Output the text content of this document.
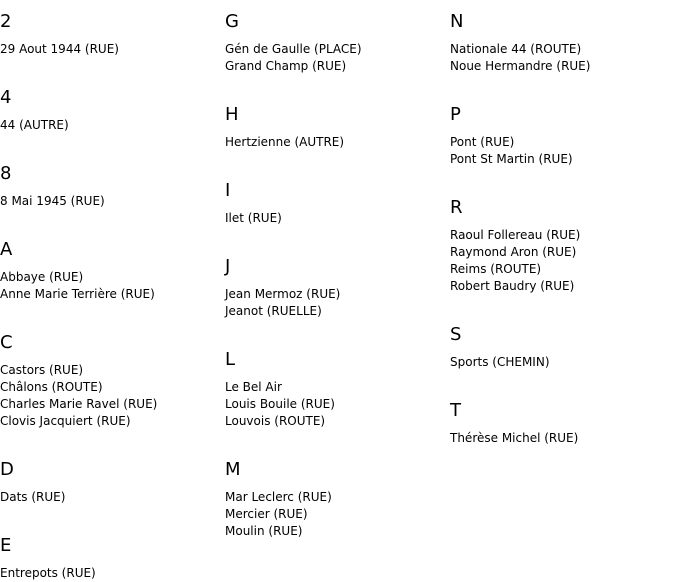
2
29 Aout 1944 (RUE)
4
44 (AUTRE)
8
8 Mai 1945 (RUE)
A
Abbaye (RUE)
Anne Marie Terrière (RUE)
C
Castors (RUE)
Châlons (ROUTE)
Charles Marie Ravel (RUE)
Clovis Jacquiert (RUE)
D
Dats (RUE)
E
Entrepots (RUE)
G
Gén de Gaulle (PLACE)
Grand Champ (RUE)
H
Hertzienne (AUTRE)
I
Ilet (RUE)
J
Jean Mermoz (RUE)
Jeanot (RUELLE)
L
Le Bel Air
Louis Bouile (RUE)
Louvois (ROUTE)
M
Mar Leclerc (RUE)
Mercier (RUE)
Moulin (RUE)
N
Nationale 44 (ROUTE)
Noue Hermandre (RUE)
P
Pont (RUE)
Pont St Martin (RUE)
R
Raoul Follereau (RUE)
Raymond Aron (RUE)
Reims (ROUTE)
Robert Baudry (RUE)
S
Sports (CHEMIN)
T
Thérèse Michel (RUE)
